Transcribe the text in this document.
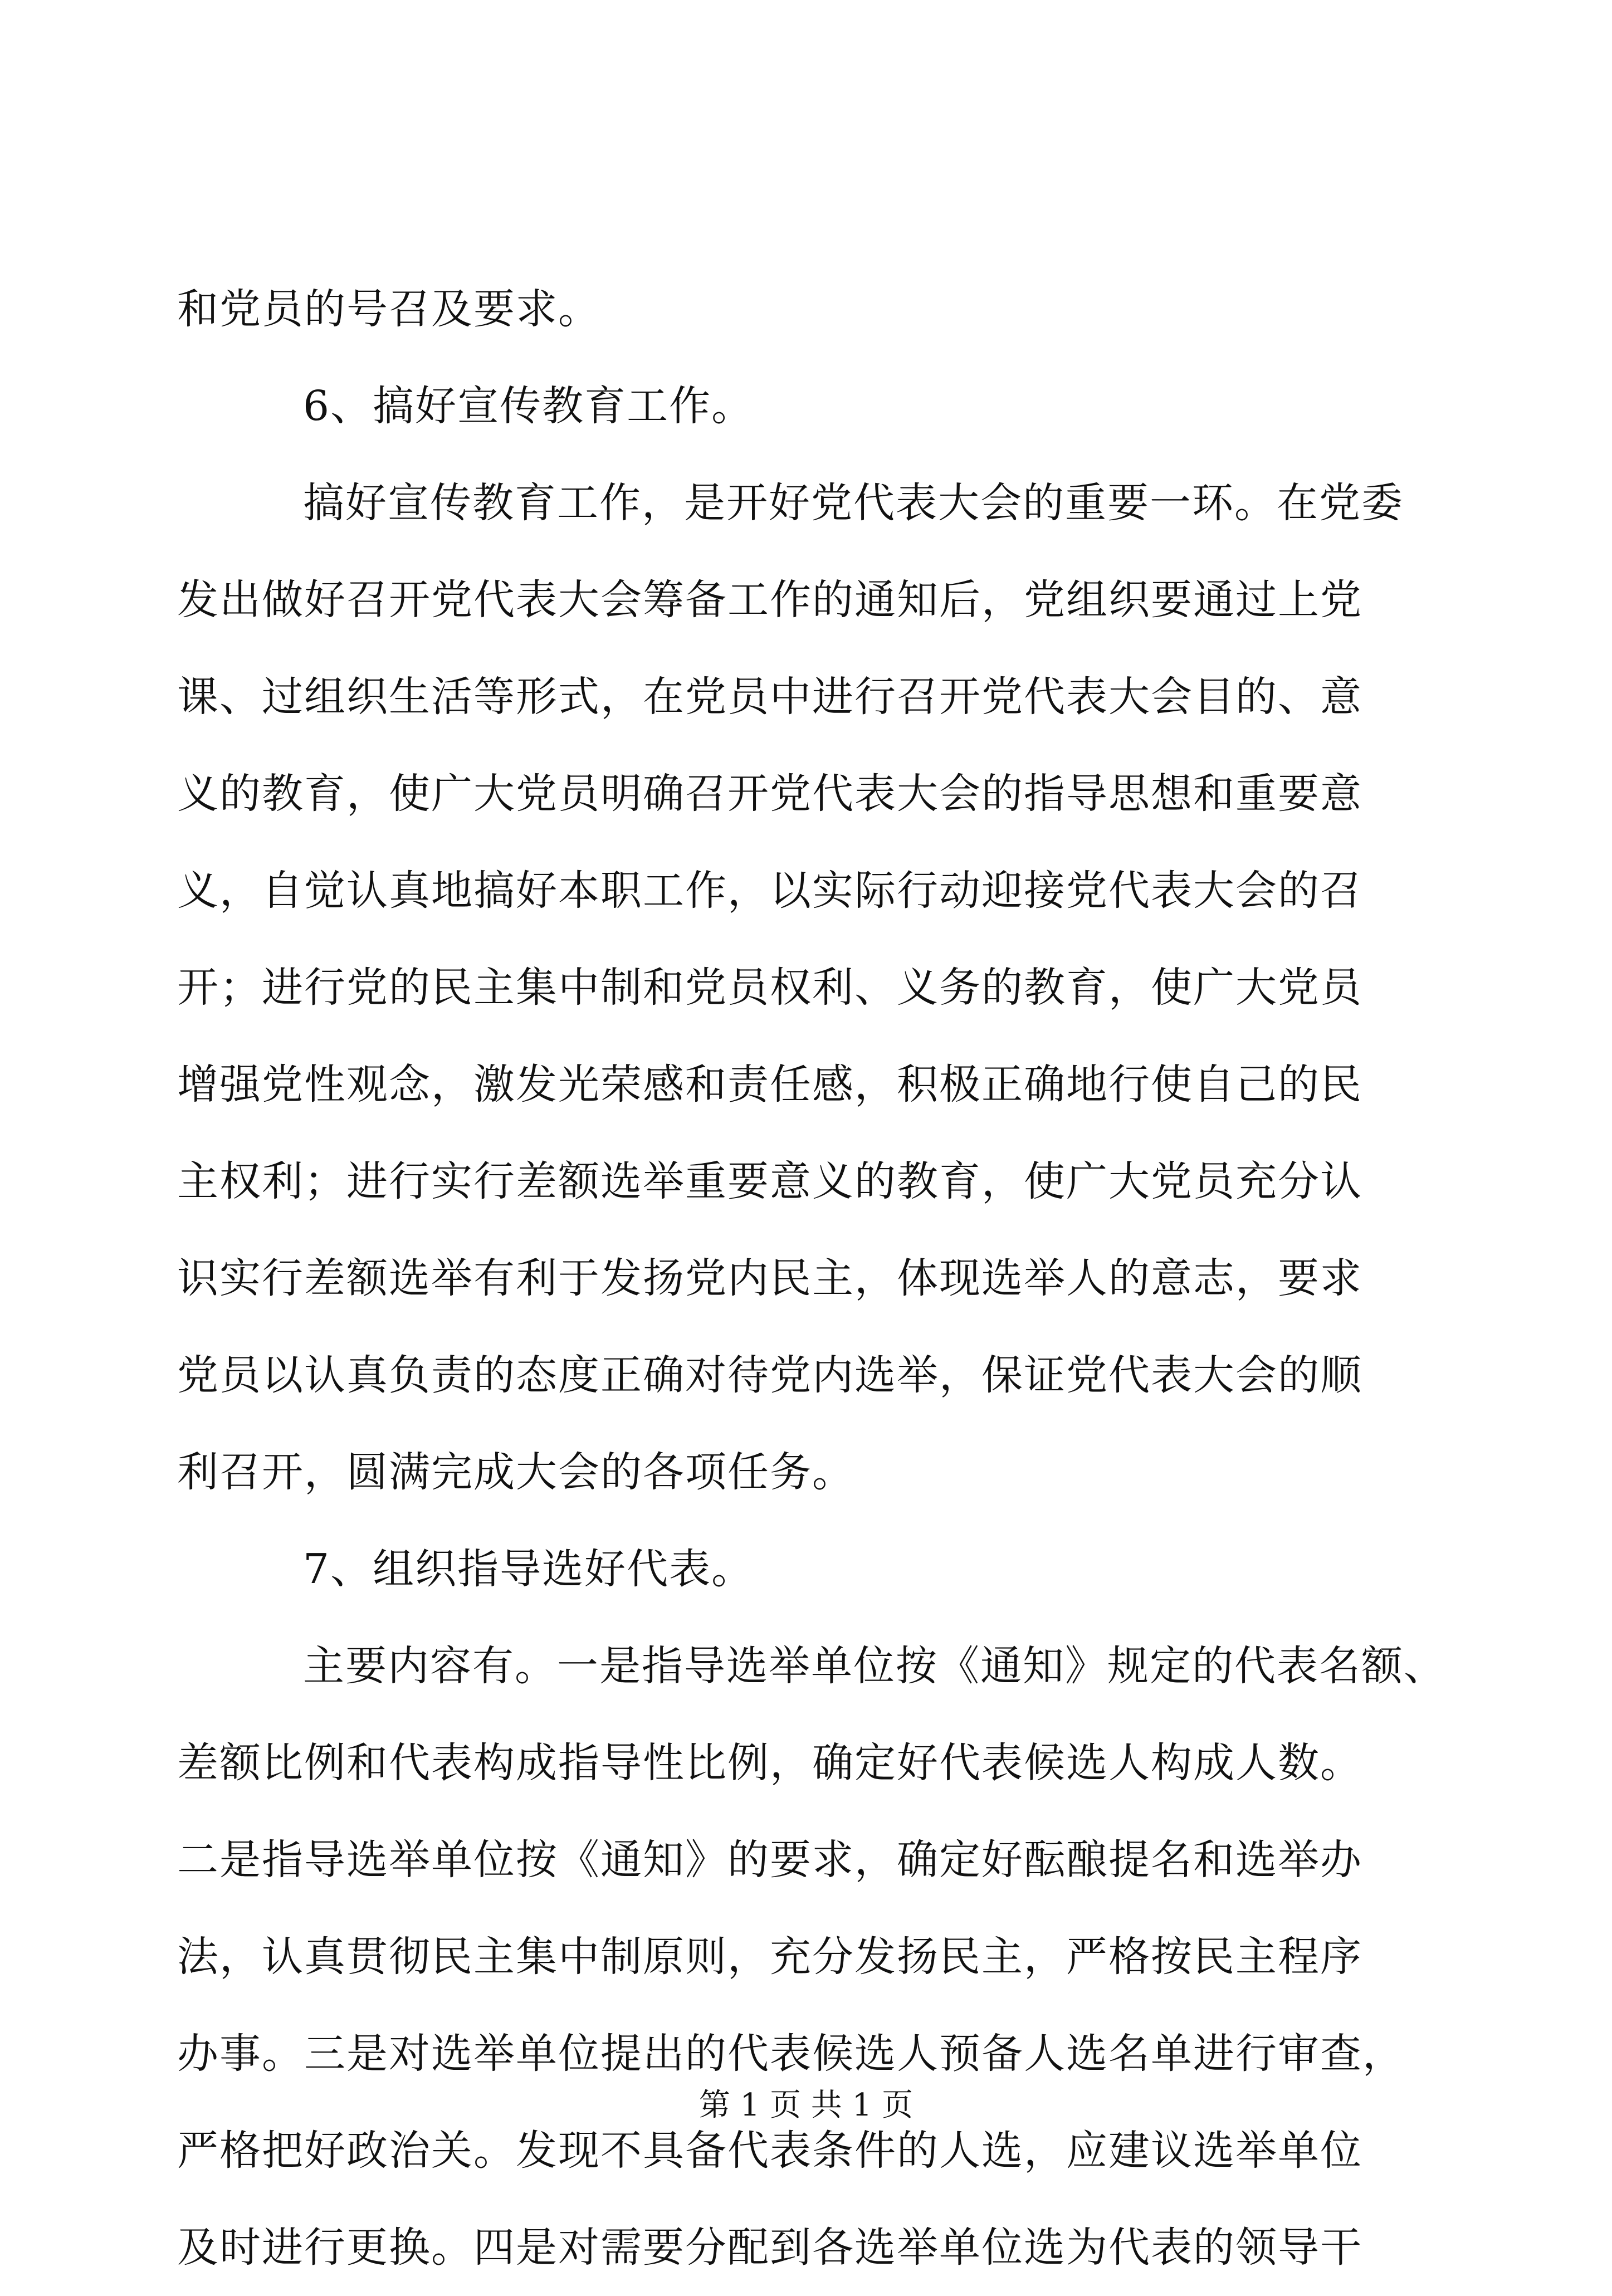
和党员的号召及要求。
6、搞好宣传教育工作。
搞好宣传教育工作，是开好党代表大会的重要一环。在党委
发出做好召开党代表大会筹备工作的通知后，党组织要通过上党
课、过组织生活等形式，在党员中进行召开党代表大会目的、意
义的教育，使广大党员明确召开党代表大会的指导思想和重要意
义，自觉认真地搞好本职工作，以实际行动迎接党代表大会的召
开；进行党的民主集中制和党员权利、义务的教育，使广大党员
增强党性观念，激发光荣感和责任感，积极正确地行使自己的民
主权利；进行实行差额选举重要意义的教育，使广大党员充分认
识实行差额选举有利于发扬党内民主，体现选举人的意志，要求
党员以认真负责的态度正确对待党内选举，保证党代表大会的顺
利召开，圆满完成大会的各项任务。
7、组织指导选好代表。
主要内容有。一是指导选举单位按《通知》规定的代表名额、
差额比例和代表构成指导性比例，确定好代表候选人构成人数。
二是指导选举单位按《通知》的要求，确定好酝酿提名和选举办
法，认真贯彻民主集中制原则，充分发扬民主，严格按民主程序
办事。三是对选举单位提出的代表候选人预备人选名单进行审查，
严格把好政治关。发现不具备代表条件的人选，应建议选举单位
及时进行更换。四是对需要分配到各选举单位选为代表的领导干
第 1 页 共 1 页
